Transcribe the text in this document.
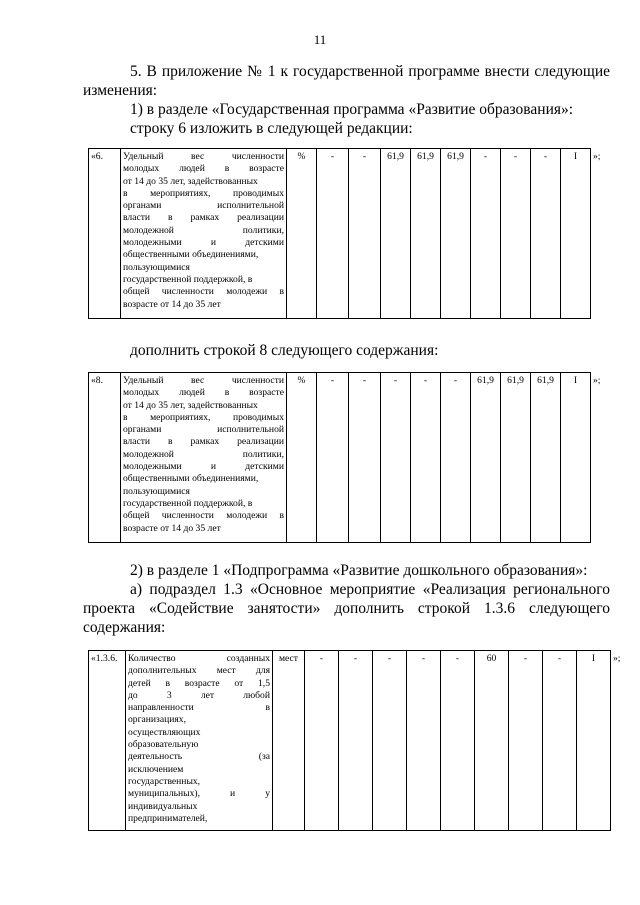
11
5. В приложение № 1 к государственной программе внести следующие
изменения:
1) в разделе «Государственная программа «Развитие образования»:
строку 6 изложить в следующей редакции:
«6.	Удельный вес численности
молодых людей в возрасте
от 14 до 35 лет, задействованных
в мероприятиях, проводимых
органами исполнительной
власти в рамках реализации
молодежной политики,
молодежными и детскими
общественными объединениями,
пользующимися
государственной поддержкой, в
общей численности молодежи в
возрасте от 14 до 35 лет
	%	-	-	61,9	61,9	61,9	-	-	-	I	»;
дополнить строкой 8 следующего содержания:
«8.	Удельный вес численности
молодых людей в возрасте
от 14 до 35 лет, задействованных
в мероприятиях, проводимых
органами исполнительной
власти в рамках реализации
молодежной политики,
молодежными и детскими
общественными объединениями,
пользующимися
государственной поддержкой, в
общей численности молодежи в
возрасте от 14 до 35 лет
	%	-	-	-	-	-	61,9	61,9	61,9	I	»;
2) в разделе 1 «Подпрограмма «Развитие дошкольного образования»:
а) подраздел 1.3 «Основное мероприятие «Реализация регионального
проекта «Содействие занятости» дополнить строкой 1.3.6 следующего
содержания:
«1.3.6.	Количество созданных
дополнительных мест для
детей в возрасте от 1,5
до 3 лет любой
направленности в
организациях,
осуществляющих
образовательную
деятельность (за
исключением
государственных,
муниципальных), и у
индивидуальных
предпринимателей,
	мест	-	-	-	-	-	60	-	-	I	»;
